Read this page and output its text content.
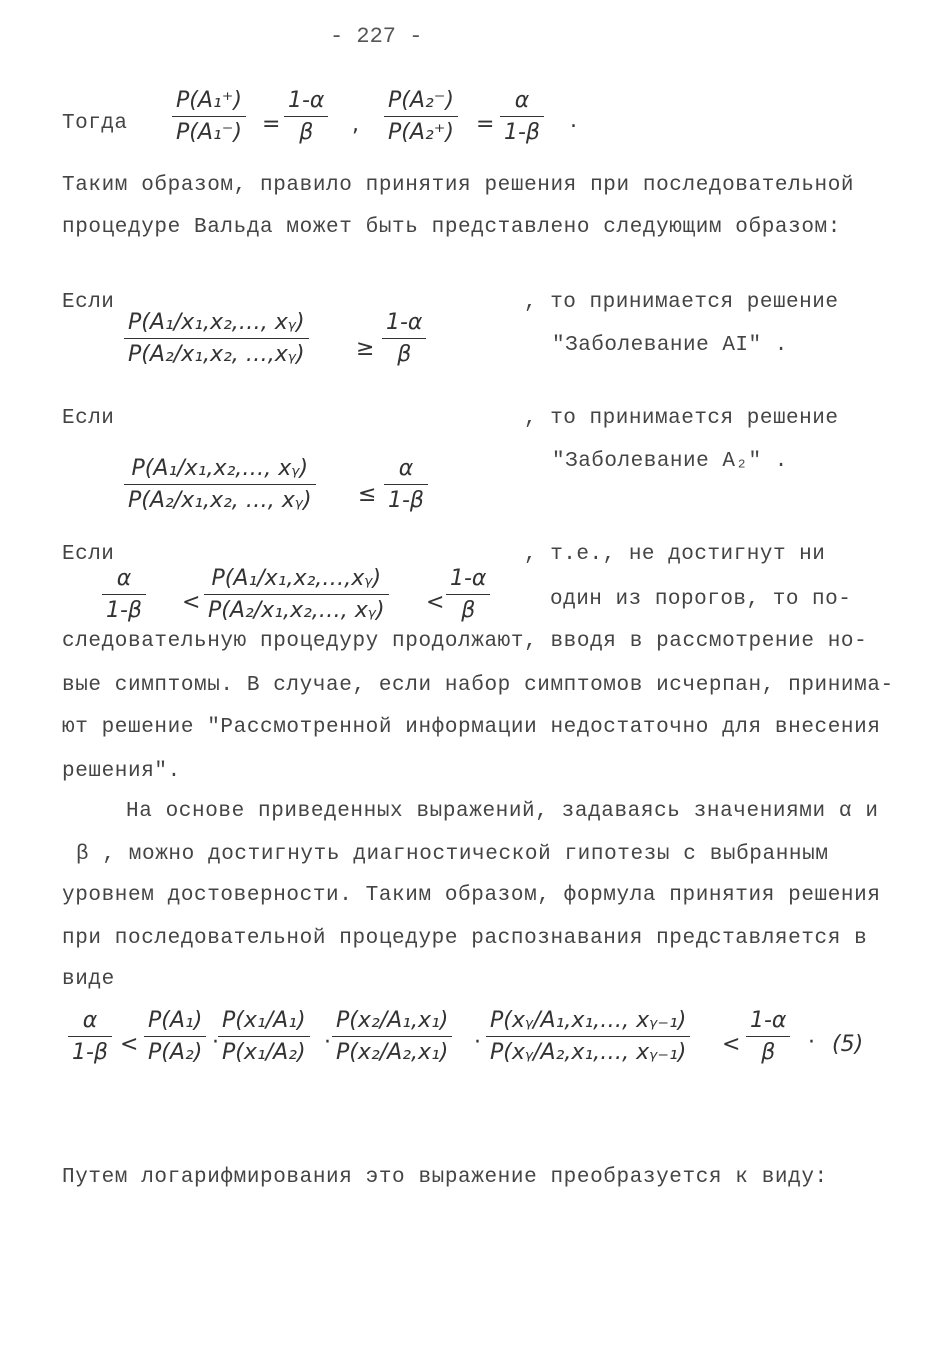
- 227 -
Тогда
P(A₁⁺)
P(A₁⁻) =
1-α
β	,
P(A₂⁻)
P(A₂⁺) =
α
1-β .
Таким образом, правило принятия решения при последовательной
процедуре Вальда может быть представлено следующим образом:
Если
P(A₁/x₁,x₂,…, xᵧ)
P(A₂/x₁,x₂, …,xᵧ) ≥
1-α
β
, то принимается решение
"Заболевание AІ" .
Если
P(A₁/x₁,x₂,…, xᵧ)
P(A₂/x₁,x₂, …, xᵧ) ≤
α
1-β
, то принимается решение
"Заболевание A₂" .
Если
α
1-β <
P(A₁/x₁,x₂,…,xᵧ)
P(A₂/x₁,x₂,…, xᵧ) <
1-α
β
, т.е., не достигнут ни
один из порогов, то по-
следовательную процедуру продолжают, вводя в рассмотрение но-
вые симптомы. В случае, если набор симптомов исчерпан, принима-
ют решение "Рассмотренной информации недостаточно для внесения
решения".
На основе приведенных выражений, задаваясь значениями α и
β , можно достигнуть диагностической гипотезы с выбранным
уровнем достоверности. Таким образом, формула принятия решения
при последовательной процедуре распознавания представляется в
виде
α
1-β <
P(A₁)
P(A₂) ·
P(x₁/A₁)
P(x₁/A₂) ·
P(x₂/A₁,x₁)
P(x₂/A₂,x₁) ·
P(xᵧ/A₁,x₁,…, xᵧ₋₁)
P(xᵧ/A₂,x₁,…, xᵧ₋₁) <
1-α
β	· (5)
Путем логарифмирования это выражение преобразуется к виду:
